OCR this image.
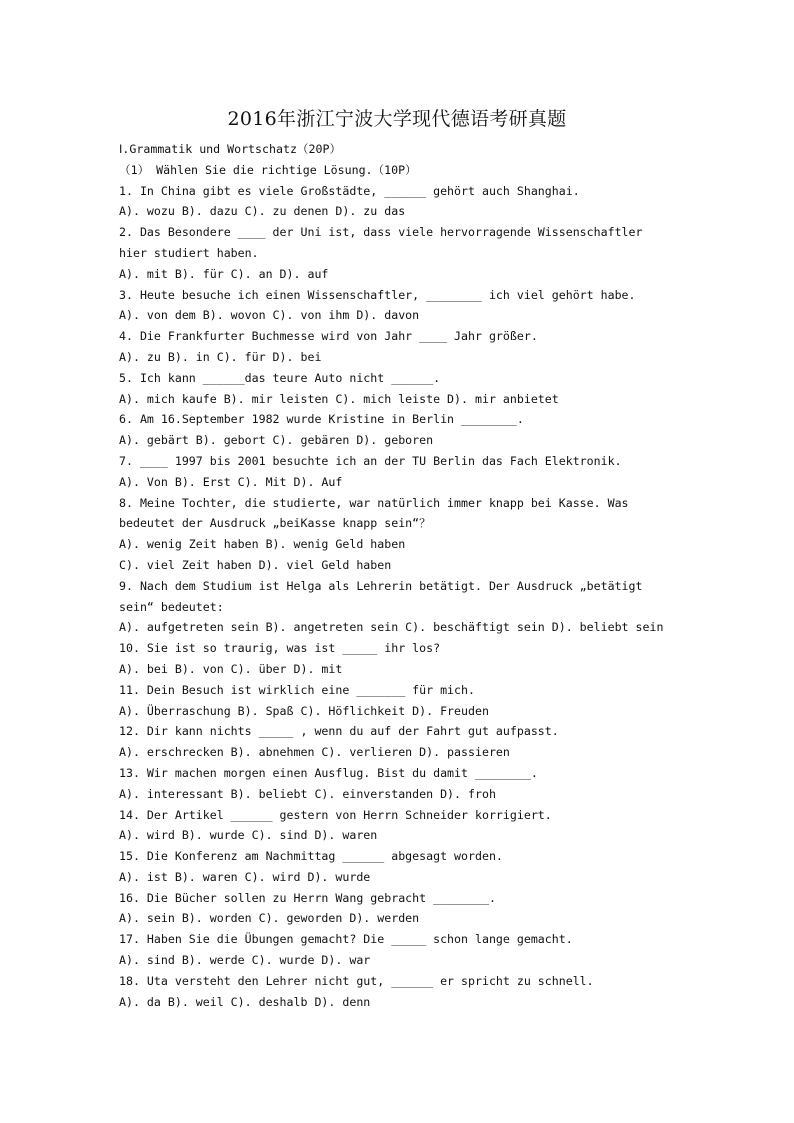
2016年浙江宁波大学现代德语考研真题
Ⅰ.Grammatik und Wortschatz（20P）
（1） Wählen Sie die richtige Lösung.（10P）
1. In China gibt es viele Großstädte, ______ gehört auch Shanghai.
A). wozu B). dazu C). zu denen D). zu das
2. Das Besondere ____ der Uni ist, dass viele hervorragende Wissenschaftler
hier studiert haben.
A). mit B). für C). an D). auf
3. Heute besuche ich einen Wissenschaftler, ________ ich viel gehört habe.
A). von dem B). wovon C). von ihm D). davon
4. Die Frankfurter Buchmesse wird von Jahr ____ Jahr größer.
A). zu B). in C). für D). bei
5. Ich kann ______das teure Auto nicht ______.
A). mich kaufe B). mir leisten C). mich leiste D). mir anbietet
6. Am 16.September 1982 wurde Kristine in Berlin ________.
A). gebärt B). gebort C). gebären D). geboren
7. ____ 1997 bis 2001 besuchte ich an der TU Berlin das Fach Elektronik.
A). Von B). Erst C). Mit D). Auf
8. Meine Tochter, die studierte, war natürlich immer knapp bei Kasse. Was
bedeutet der Ausdruck „beiKasse knapp sein“？
A). wenig Zeit haben B). wenig Geld haben
C). viel Zeit haben D). viel Geld haben
9. Nach dem Studium ist Helga als Lehrerin betätigt. Der Ausdruck „betätigt
sein“ bedeutet:
A). aufgetreten sein B). angetreten sein C). beschäftigt sein D). beliebt sein
10. Sie ist so traurig, was ist _____ ihr los?
A). bei B). von C). über D). mit
11. Dein Besuch ist wirklich eine _______ für mich.
A). Überraschung B). Spaß C). Höflichkeit D). Freuden
12. Dir kann nichts _____ , wenn du auf der Fahrt gut aufpasst.
A). erschrecken B). abnehmen C). verlieren D). passieren
13. Wir machen morgen einen Ausflug. Bist du damit ________.
A). interessant B). beliebt C). einverstanden D). froh
14. Der Artikel ______ gestern von Herrn Schneider korrigiert.
A). wird B). wurde C). sind D). waren
15. Die Konferenz am Nachmittag ______ abgesagt worden.
A). ist B). waren C). wird D). wurde
16. Die Bücher sollen zu Herrn Wang gebracht ________.
A). sein B). worden C). geworden D). werden
17. Haben Sie die Übungen gemacht? Die _____ schon lange gemacht.
A). sind B). werde C). wurde D). war
18. Uta versteht den Lehrer nicht gut, ______ er spricht zu schnell.
A). da B). weil C). deshalb D). denn
